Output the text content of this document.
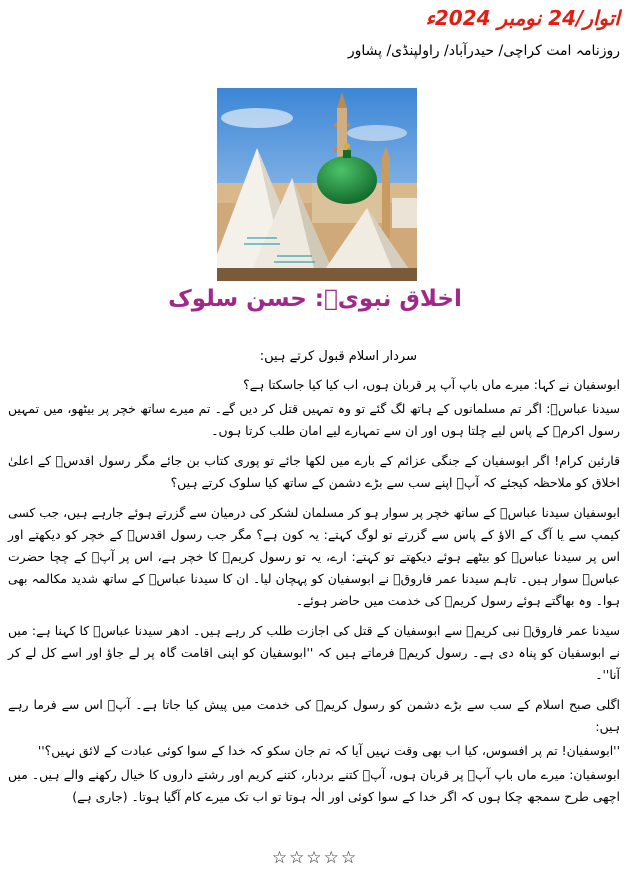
اتوار/24 نومبر 2024ء
روزنامہ امت کراچی/ حیدرآباد/ راولپنڈی/ پشاور
اخلاق نبویؐ: حسن سلوک
سردار اسلام قبول کرتے ہیں:

ابوسفیان نے کہا: میرے ماں باپ آپ پر قربان ہوں، اب کیا کیا جاسکتا ہے؟

سیدنا عباسؓ: اگر تم مسلمانوں کے ہاتھ لگ گئے تو وہ تمہیں قتل کر دیں گے۔ تم میرے ساتھ خچر پر بیٹھو، میں تمہیں رسول اکرمؐ کے پاس لیے چلتا ہوں اور ان سے تمہارے لیے امان طلب کرتا ہوں۔

قارئین کرام! اگر ابوسفیان کے جنگی عزائم کے بارے میں لکھا جائے تو پوری کتاب بن جائے مگر رسول اقدسؐ کے اعلیٰ اخلاق کو ملاحظہ کیجئے کہ آپؐ اپنے سب سے بڑے دشمن کے ساتھ کیا سلوک کرتے ہیں؟

ابوسفیان سیدنا عباسؓ کے ساتھ خچر پر سوار ہو کر مسلمان لشکر کی درمیان سے گزرتے ہوئے جارہے ہیں، جب کسی کیمپ سے یا آگ کے الاؤ کے پاس سے گزرتے تو لوگ کہتے: یہ کون ہے؟ مگر جب رسول اقدسؐ کے خچر کو دیکھتے اور اس پر سیدنا عباسؓ کو بیٹھے ہوئے دیکھتے تو کہتے: ارے، یہ تو رسول کریمؐ کا خچر ہے، اس پر آپؐ کے چچا حضرت عباسؓ سوار ہیں۔ تاہم سیدنا عمر فاروقؓ نے ابوسفیان کو پہچان لیا۔ ان کا سیدنا عباسؓ کے ساتھ شدید مکالمہ بھی ہوا۔ وہ بھاگتے ہوئے رسول کریمؐ کی خدمت میں حاضر ہوئے۔

سیدنا عمر فاروقؓ نبی کریمؐ سے ابوسفیان کے قتل کی اجازت طلب کر رہے ہیں۔ ادھر سیدنا عباسؓ کا کہنا ہے: میں نے ابوسفیان کو پناہ دی ہے۔ رسول کریمؐ فرماتے ہیں کہ ''ابوسفیان کو اپنی اقامت گاہ پر لے جاؤ اور اسے کل لے کر آنا''۔

اگلی صبح اسلام کے سب سے بڑے دشمن کو رسول کریمؐ کی خدمت میں پیش کیا جاتا ہے۔ آپؐ اس سے فرما رہے ہیں:

''ابوسفیان! تم پر افسوس، کیا اب بھی وقت نہیں آیا کہ تم جان سکو کہ خدا کے سوا کوئی عبادت کے لائق نہیں؟''

ابوسفیان: میرے ماں باپ آپؐ پر قربان ہوں، آپؐ کتنے بردبار، کتنے کریم اور رشتے داروں کا خیال رکھنے والے ہیں۔ میں اچھی طرح سمجھ چکا ہوں کہ اگر خدا کے سوا کوئی اور الٰہ ہوتا تو اب تک میرے کام آگیا ہوتا۔ (جاری ہے)

☆☆☆☆☆
